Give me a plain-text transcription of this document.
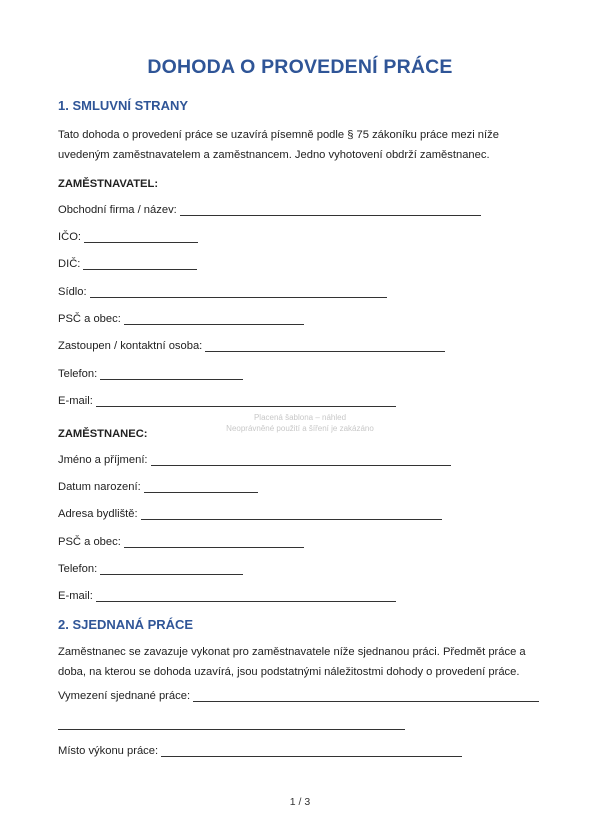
DOHODA O PROVEDENÍ PRÁCE
1. SMLUVNÍ STRANY

Tato dohoda o provedení práce se uzavírá písemně podle § 75 zákoníku práce mezi níže uvedeným zaměstnavatelem a zaměstnancem. Jedno vyhotovení obdrží zaměstnanec.

ZAMĚSTNAVATEL:

Obchodní firma / název:
IČO:
DIČ:
Sídlo:
PSČ a obec:
Zastoupen / kontaktní osoba:
Telefon:
E-mail:
Placená šablona – náhled
Neoprávněné použití a šíření je zakázáno

ZAMĚSTNANEC:

Jméno a příjmení:
Datum narození:
Adresa bydliště:
PSČ a obec:
Telefon:
E-mail:
2. SJEDNANÁ PRÁCE

Zaměstnanec se zavazuje vykonat pro zaměstnavatele níže sjednanou práci. Předmět práce a doba, na kterou se dohoda uzavírá, jsou podstatnými náležitostmi dohody o provedení práce.

Vymezení sjednané práce:
Místo výkonu práce:
1 / 3
